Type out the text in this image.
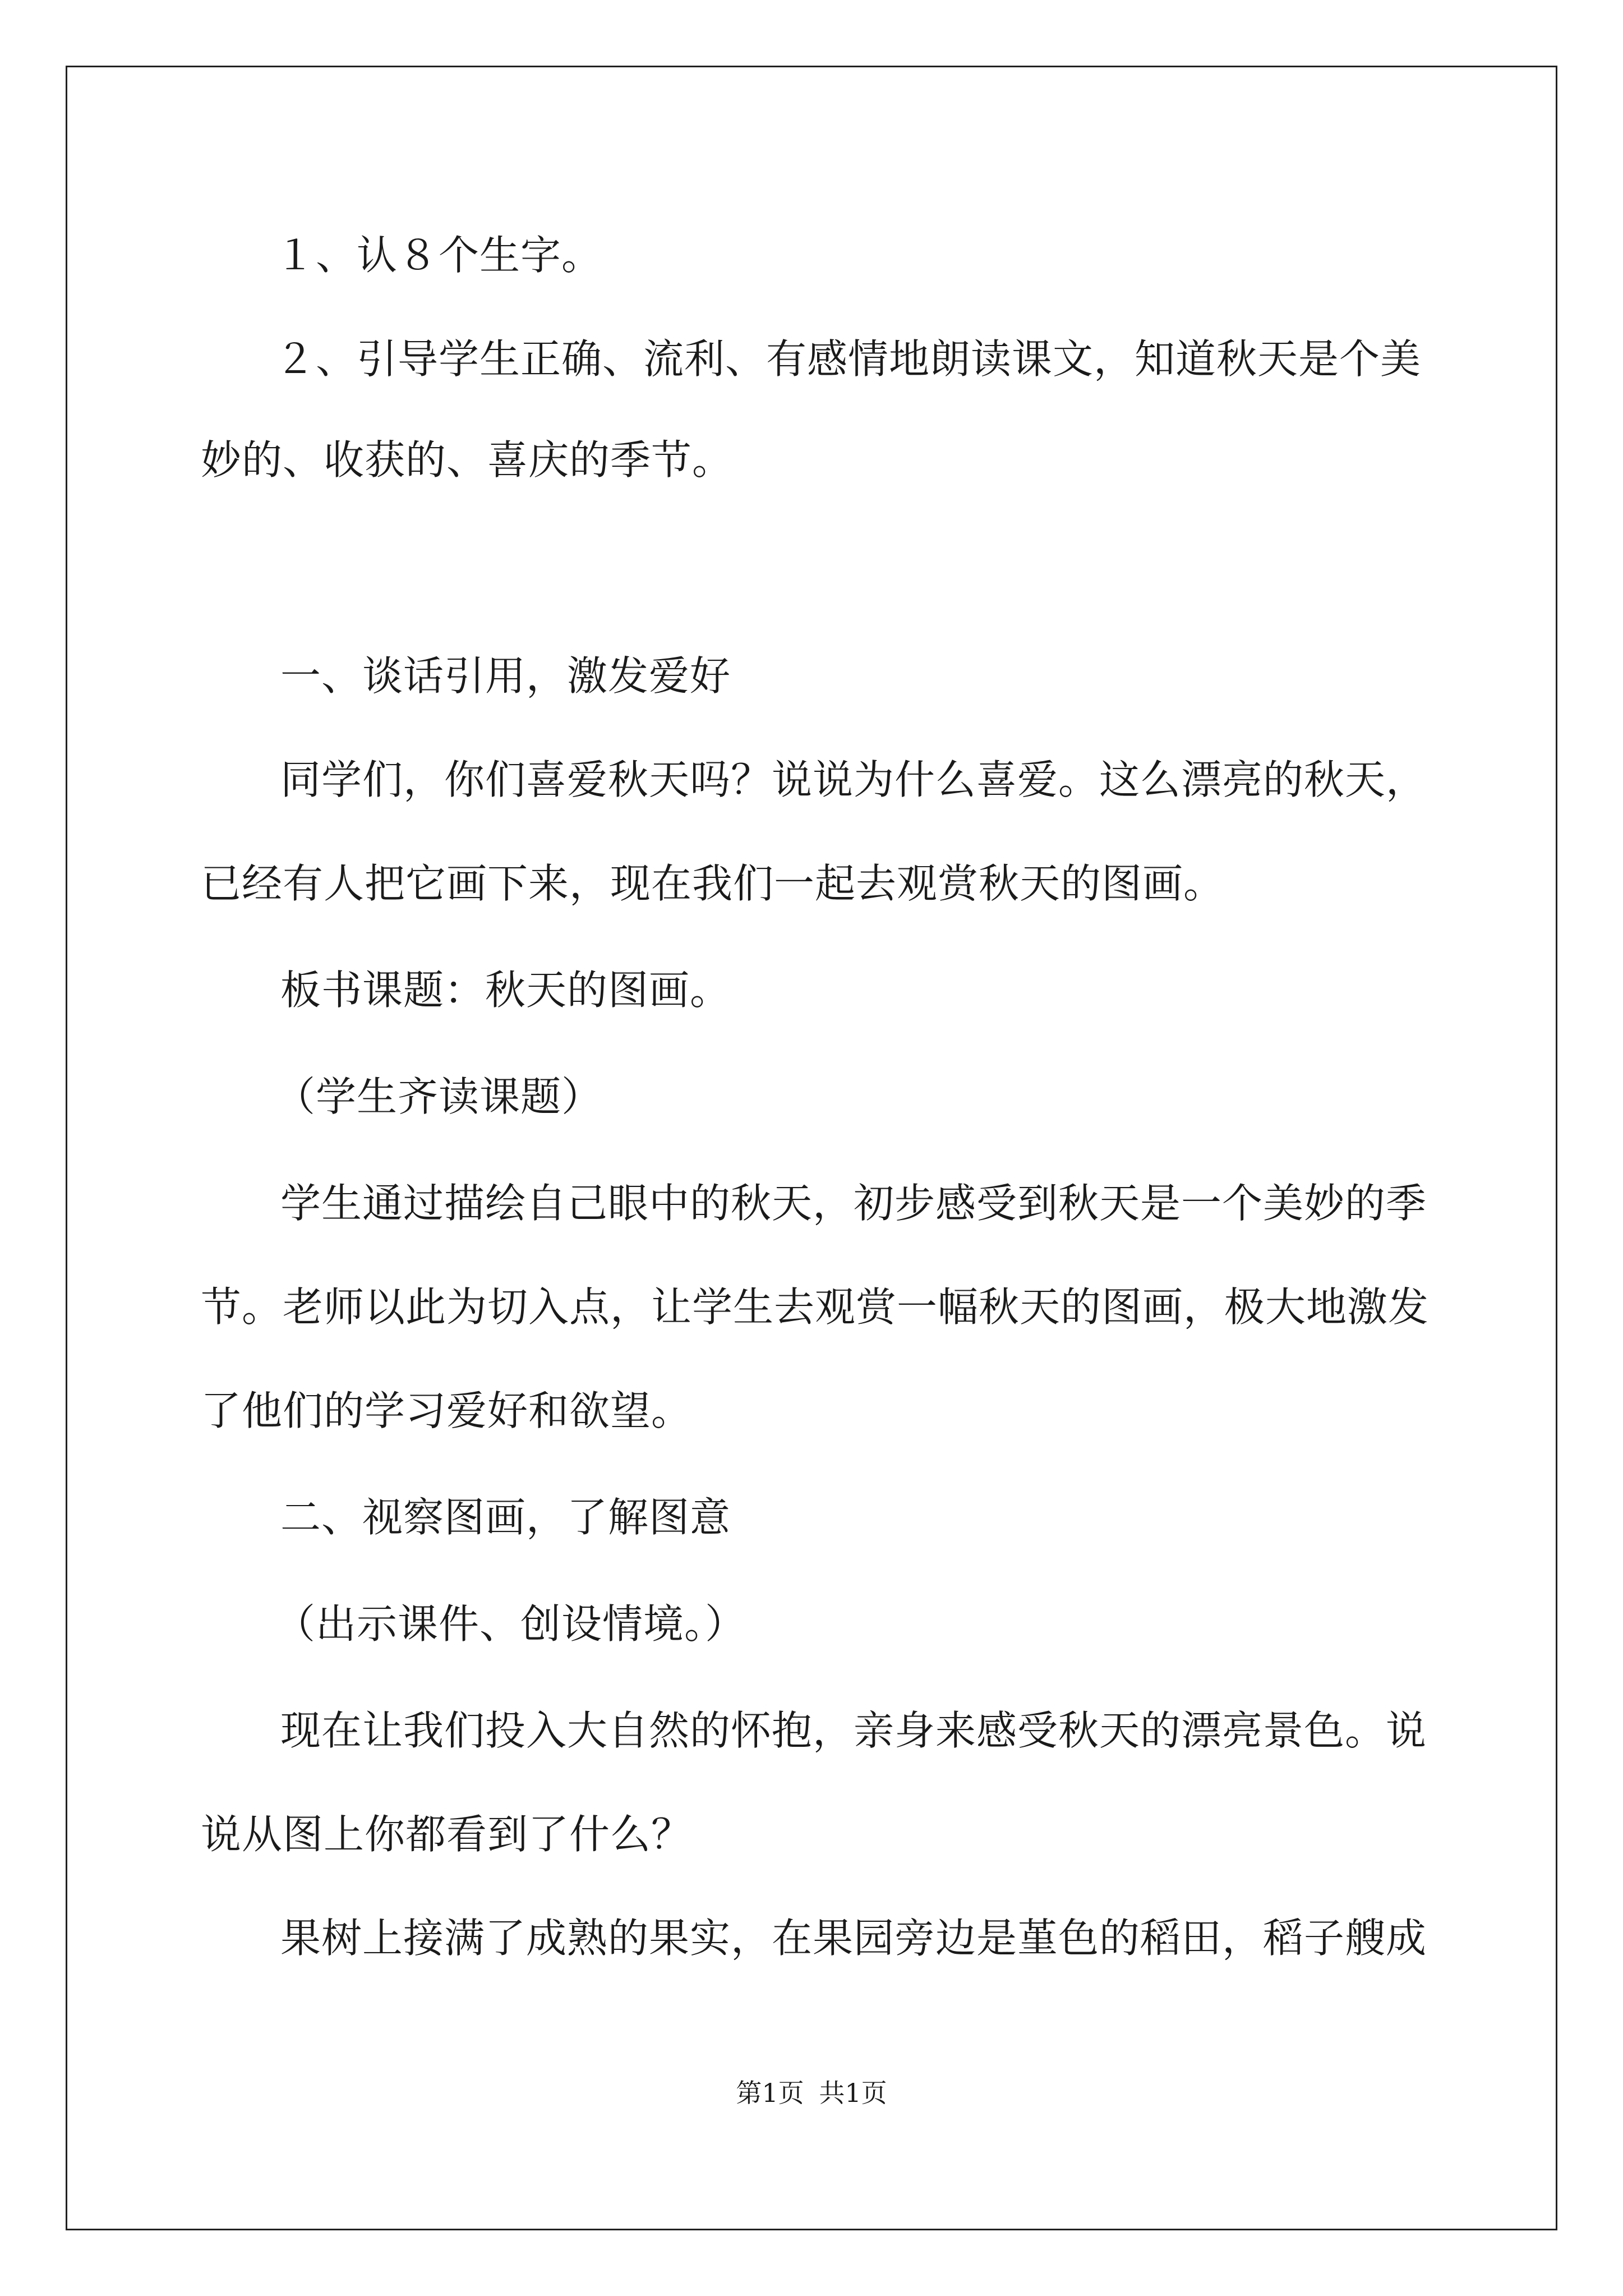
１、认８个生字。
２、引导学生正确、流利、有感情地朗读课文，知道秋天是个美
妙的、收获的、喜庆的季节。
一、谈话引用，激发爱好
同学们，你们喜爱秋天吗？说说为什么喜爱。这么漂亮的秋天，
已经有人把它画下来，现在我们一起去观赏秋天的图画。
板书课题：秋天的图画。
（学生齐读课题）
学生通过描绘自己眼中的秋天，初步感受到秋天是一个美妙的季
节。老师以此为切入点，让学生去观赏一幅秋天的图画，极大地激发
了他们的学习爱好和欲望。
二、视察图画，了解图意
（出示课件、创设情境。）
现在让我们投入大自然的怀抱，亲身来感受秋天的漂亮景色。说
说从图上你都看到了什么？
果树上接满了成熟的果实，在果园旁边是堇色的稻田，稻子艘成
第1页 共1页
